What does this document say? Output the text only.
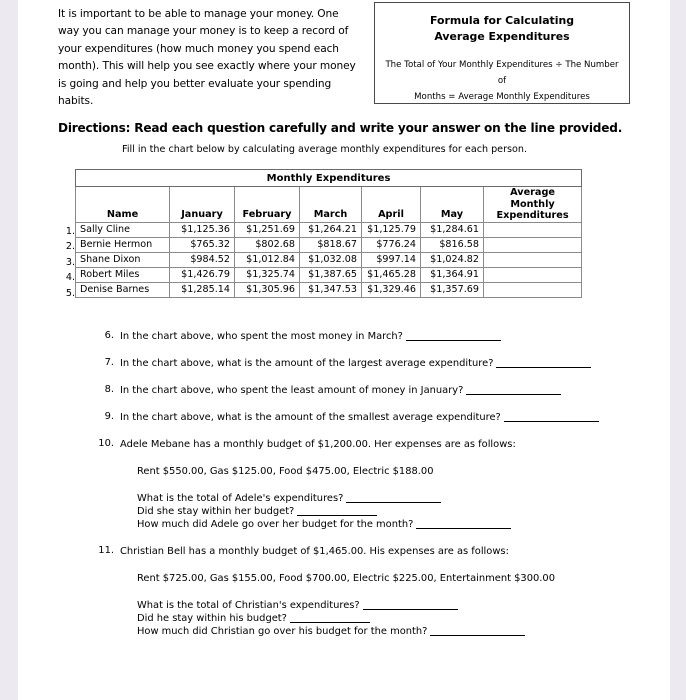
It is important to be able to manage your money. One way you can manage your money is to keep a record of your expenditures (how much money you spend each month). This will help you see exactly where your money is going and help you better evaluate your spending habits.
Formula for Calculating
Average Expenditures
The Total of Your Monthly Expenditures ÷ The Number of
Months = Average Monthly Expenditures
Directions: Read each question carefully and write your answer on the line provided.
Fill in the chart below by calculating average monthly expenditures for each person.
1.
2.
3.
4.
5.
Monthly Expenditures						
Name	January	February	March	April	May	Average Monthly
Expenditures

Sally Cline	$1,125.36	$1,251.69	$1,264.21	$1,125.79	$1,284.61	
Bernie Hermon	$765.32	$802.68	$818.67	$776.24	$816.58	
Shane Dixon	$984.52	$1,012.84	$1,032.08	$997.14	$1,024.82	
Robert Miles	$1,426.79	$1,325.74	$1,387.65	$1,465.28	$1,364.91	
Denise Barnes	$1,285.14	$1,305.96	$1,347.53	$1,329.46	$1,357.69	
6. In the chart above, who spent the most money in March?
7. In the chart above, what is the amount of the largest average expenditure?
8. In the chart above, who spent the least amount of money in January?
9. In the chart above, what is the amount of the smallest average expenditure?
10. Adele Mebane has a monthly budget of $1,200.00. Her expenses are as follows:
Rent $550.00, Gas $125.00, Food $475.00, Electric $188.00
What is the total of Adele's expenditures?
Did she stay within her budget?
How much did Adele go over her budget for the month?
11. Christian Bell has a monthly budget of $1,465.00. His expenses are as follows:
Rent $725.00, Gas $155.00, Food $700.00, Electric $225.00, Entertainment $300.00
What is the total of Christian's expenditures?
Did he stay within his budget?
How much did Christian go over his budget for the month?
